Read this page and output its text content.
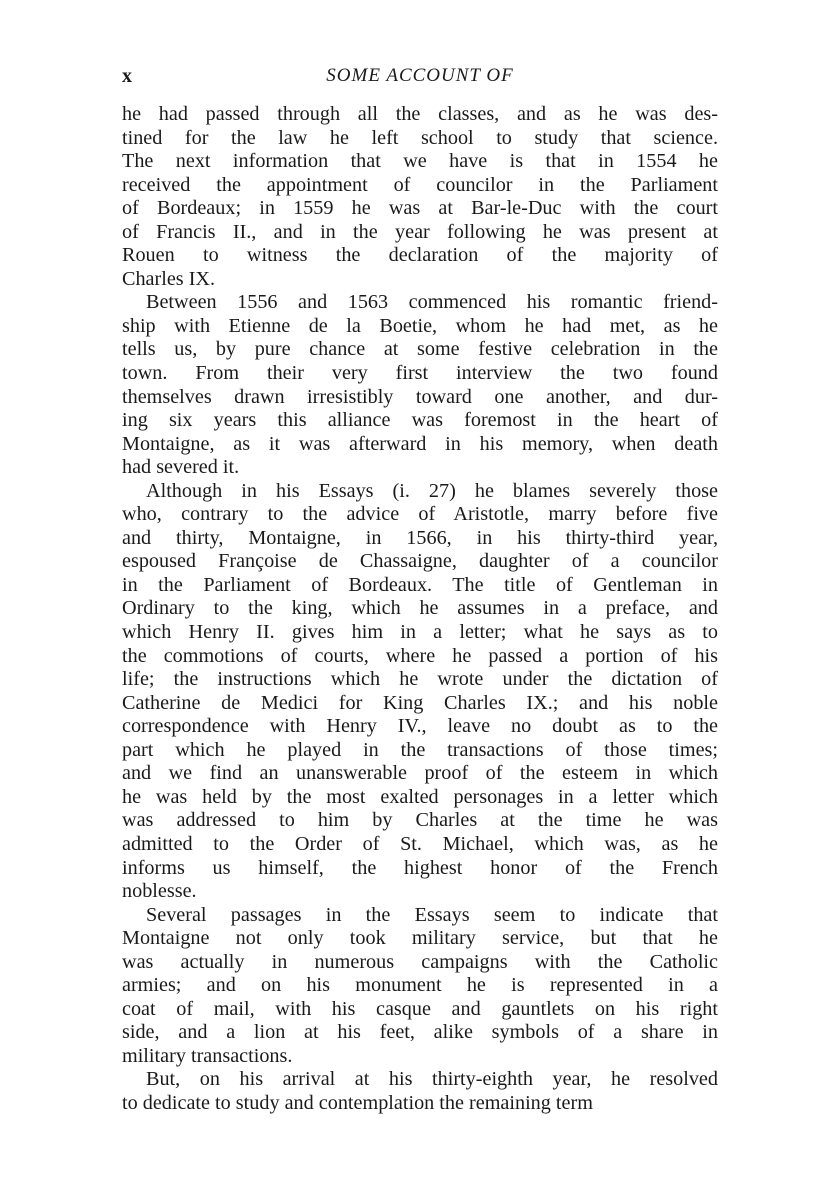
x	SOME ACCOUNT OF
he had passed through all the classes, and as he was des-
tined for the law he left school to study that science.
The next information that we have is that in 1554 he
received the appointment of councilor in the Parliament
of Bordeaux; in 1559 he was at Bar-le-Duc with the court
of Francis II., and in the year following he was present at
Rouen to witness the declaration of the majority of
Charles IX.
Between 1556 and 1563 commenced his romantic friend-
ship with Etienne de la Boetie, whom he had met, as he
tells us, by pure chance at some festive celebration in the
town. From their very first interview the two found
themselves drawn irresistibly toward one another, and dur-
ing six years this alliance was foremost in the heart of
Montaigne, as it was afterward in his memory, when death
had severed it.
Although in his Essays (i. 27) he blames severely those
who, contrary to the advice of Aristotle, marry before five
and thirty, Montaigne, in 1566, in his thirty-third year,
espoused Françoise de Chassaigne, daughter of a councilor
in the Parliament of Bordeaux. The title of Gentleman in
Ordinary to the king, which he assumes in a preface, and
which Henry II. gives him in a letter; what he says as to
the commotions of courts, where he passed a portion of his
life; the instructions which he wrote under the dictation of
Catherine de Medici for King Charles IX.; and his noble
correspondence with Henry IV., leave no doubt as to the
part which he played in the transactions of those times;
and we find an unanswerable proof of the esteem in which
he was held by the most exalted personages in a letter which
was addressed to him by Charles at the time he was
admitted to the Order of St. Michael, which was, as he
informs us himself, the highest honor of the French
noblesse.
Several passages in the Essays seem to indicate that
Montaigne not only took military service, but that he
was actually in numerous campaigns with the Catholic
armies; and on his monument he is represented in a
coat of mail, with his casque and gauntlets on his right
side, and a lion at his feet, alike symbols of a share in
military transactions.
But, on his arrival at his thirty-eighth year, he resolved
to dedicate to study and contemplation the remaining term
